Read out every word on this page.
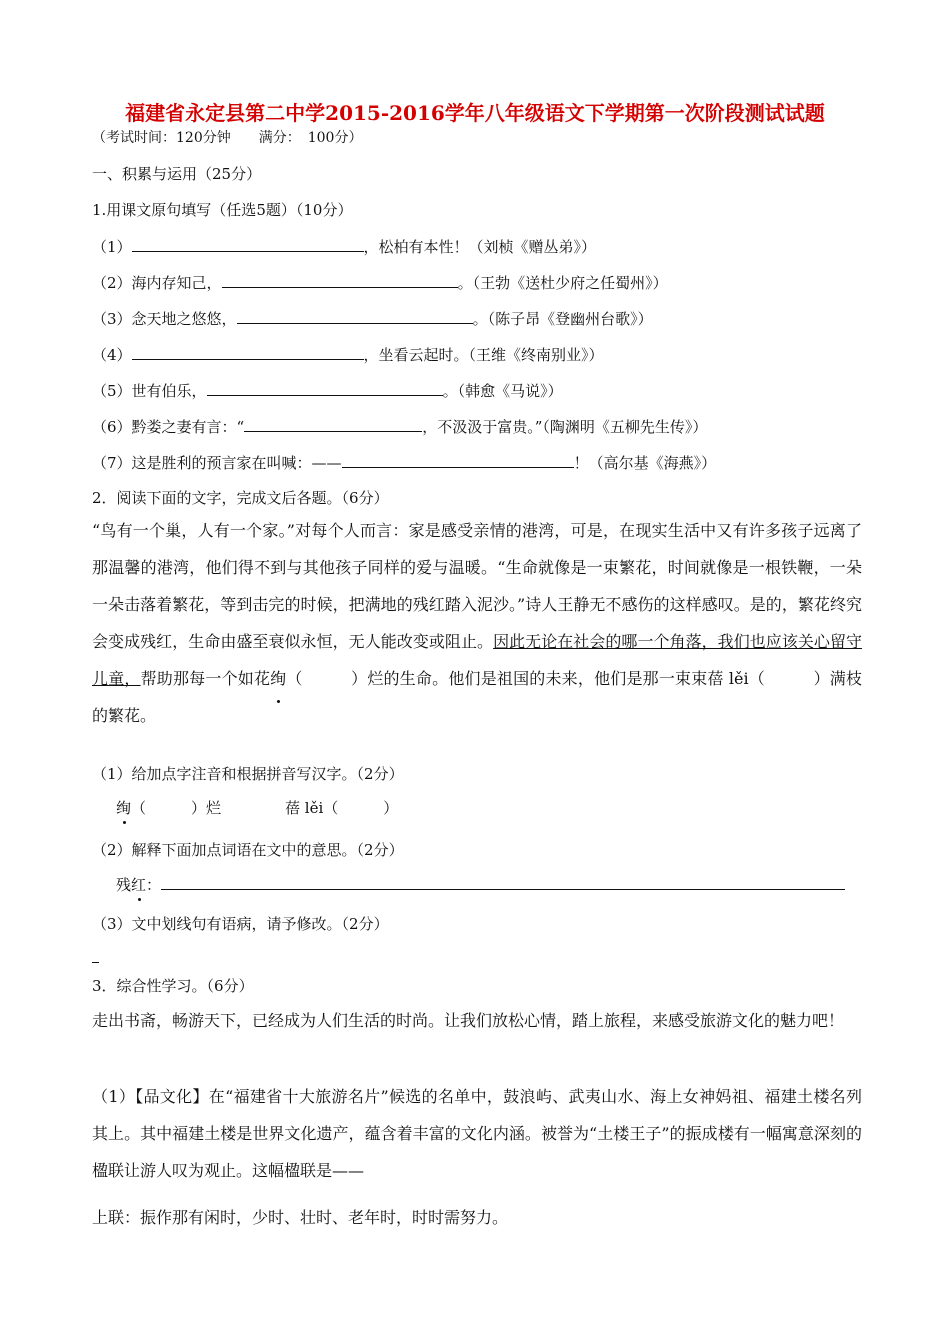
福建省永定县第二中学2015-2016学年八年级语文下学期第一次阶段测试试题
（考试时间：120分钟　　满分：　100分）
一、积累与运用（25分）
1.用课文原句填写（任选5题）（10分）
（1）	，松柏有本性！（刘桢《赠丛弟》）
（2）海内存知己，	。（王勃《送杜少府之任蜀州》）
（3）念天地之悠悠，	。（陈子昂《登幽州台歌》）
（4）	，坐看云起时。（王维《终南别业》）
（5）世有伯乐，	。（韩愈《马说》）
（6）黔娄之妻有言：“	，不汲汲于富贵。”（陶渊明《五柳先生传》）
（7）这是胜利的预言家在叫喊：——	！（高尔基《海燕》）
2．阅读下面的文字，完成文后各题。（6分）
“鸟有一个巢，人有一个家。”对每个人而言：家是感受亲情的港湾，可是，在现实生活中又有许多孩子远离了那温馨的港湾，他们得不到与其他孩子同样的爱与温暖。“生命就像是一束繁花，时间就像是一根铁鞭，一朵一朵击落着繁花，等到击完的时候，把满地的残红踏入泥沙。”诗人王静无不感伤的这样感叹。是的，繁花终究会变成残红，生命由盛至衰似永恒，无人能改变或阻止。因此无论在社会的哪一个角落，我们也应该关心留守儿童，帮助那每一个如花绚（　　　）烂的生命。他们是祖国的未来，他们是那一束束蓓 lěi（　　　）满枝的繁花。
（1）给加点字注音和根据拼音写汉字。（2分）
绚（　　　）烂	蓓 lěi（　　　）
（2）解释下面加点词语在文中的意思。（2分）
残红：
（3）文中划线句有语病，请予修改。（2分）
3．综合性学习。（6分）
走出书斋，畅游天下，已经成为人们生活的时尚。让我们放松心情，踏上旅程，来感受旅游文化的魅力吧！
（1）【品文化】在“福建省十大旅游名片”候选的名单中，鼓浪屿、武夷山水、海上女神妈祖、福建土楼名列其上。其中福建土楼是世界文化遗产，蕴含着丰富的文化内涵。被誉为“土楼王子”的振成楼有一幅寓意深刻的楹联让游人叹为观止。这幅楹联是——
上联：振作那有闲时，少时、壮时、老年时，时时需努力。
